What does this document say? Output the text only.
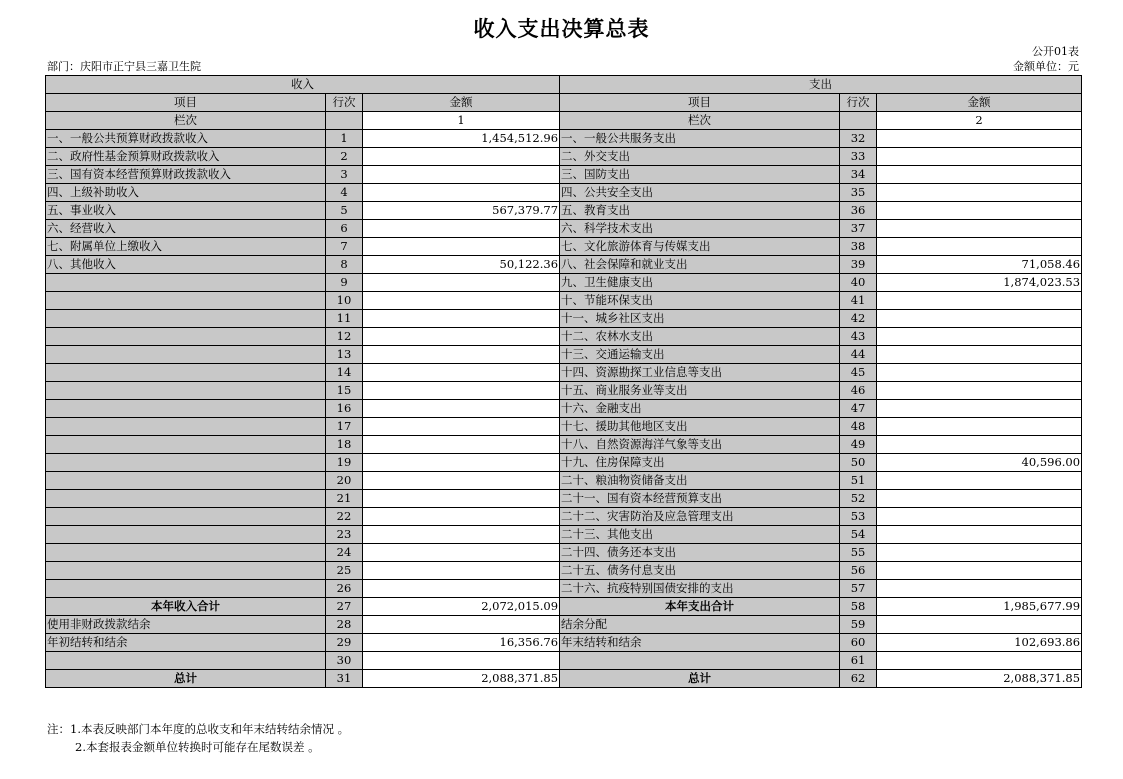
收入支出决算总表
公开01表
部门：庆阳市正宁县三嘉卫生院	金额单位：元
收入			支出		
项目	行次	金额	项目	行次	金额
栏次		1	栏次		2
一、一般公共预算财政拨款收入	1	1,454,512.96	一、一般公共服务支出	32	
二、政府性基金预算财政拨款收入	2		二、外交支出	33	
三、国有资本经营预算财政拨款收入	3		三、国防支出	34	
四、上级补助收入	4		四、公共安全支出	35	
五、事业收入	5	567,379.77	五、教育支出	36	
六、经营收入	6		六、科学技术支出	37	
七、附属单位上缴收入	7		七、文化旅游体育与传媒支出	38	
八、其他收入	8	50,122.36	八、社会保障和就业支出	39	71,058.46
	9		九、卫生健康支出	40	1,874,023.53
	10		十、节能环保支出	41	
	11		十一、城乡社区支出	42	
	12		十二、农林水支出	43	
	13		十三、交通运输支出	44	
	14		十四、资源勘探工业信息等支出	45	
	15		十五、商业服务业等支出	46	
	16		十六、金融支出	47	
	17		十七、援助其他地区支出	48	
	18		十八、自然资源海洋气象等支出	49	
	19		十九、住房保障支出	50	40,596.00
	20		二十、粮油物资储备支出	51	
	21		二十一、国有资本经营预算支出	52	
	22		二十二、灾害防治及应急管理支出	53	
	23		二十三、其他支出	54	
	24		二十四、债务还本支出	55	
	25		二十五、债务付息支出	56	
	26		二十六、抗疫特别国债安排的支出	57	
本年收入合计	27	2,072,015.09	本年支出合计	58	1,985,677.99
使用非财政拨款结余	28		结余分配	59	
年初结转和结余	29	16,356.76	年末结转和结余	60	102,693.86
	30			61	
总计	31	2,088,371.85	总计	62	2,088,371.85
注：1.本表反映部门本年度的总收支和年末结转结余情况 。
2.本套报表金额单位转换时可能存在尾数误差 。
